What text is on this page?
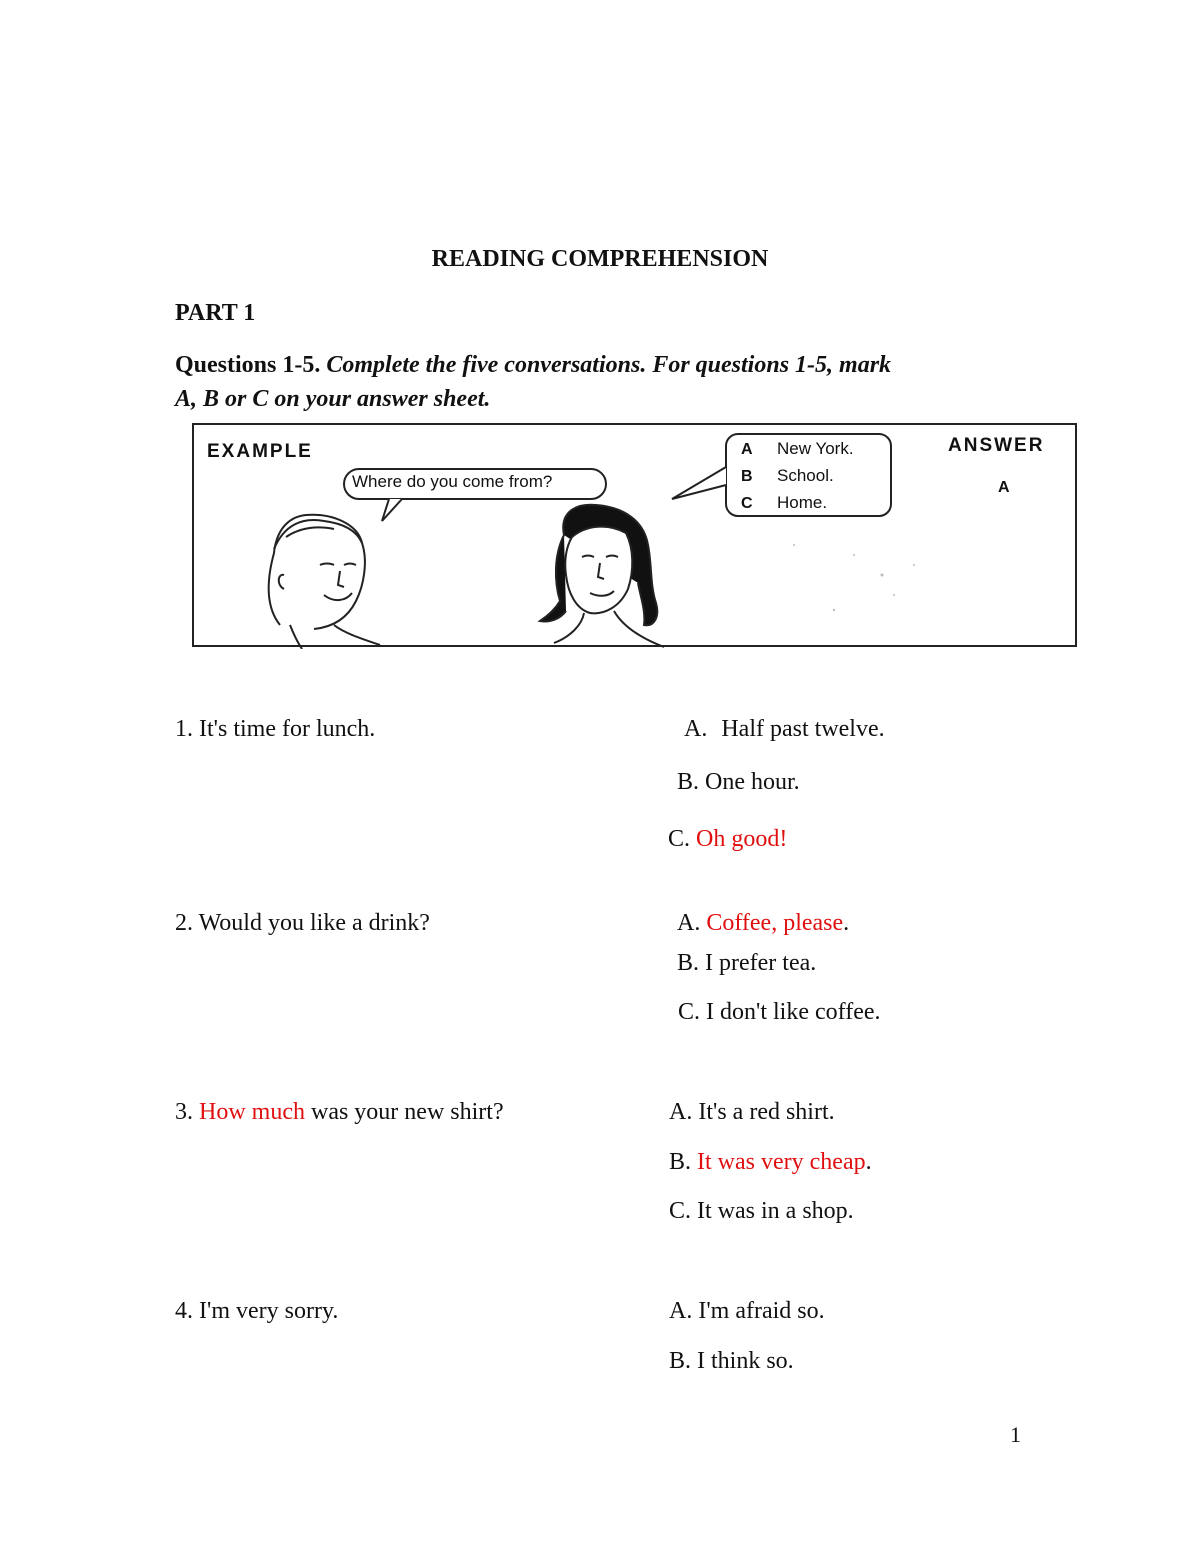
READING COMPREHENSION
PART 1
Questions 1-5. Complete the five conversations. For questions 1-5, mark
A, B or C on your answer sheet.
EXAMPLE
Where do you come from?
A New York.
B School.
C Home.
ANSWER
A
1. It's time for lunch.	A. Half past twelve.
B. One hour.
C. Oh good!
2. Would you like a drink?	A. Coffee, please.
B. I prefer tea.
C. I don't like coffee.
3. How much was your new shirt?	A. It's a red shirt.
B. It was very cheap.
C. It was in a shop.
4. I'm very sorry.	A. I'm afraid so.
B. I think so.
1
